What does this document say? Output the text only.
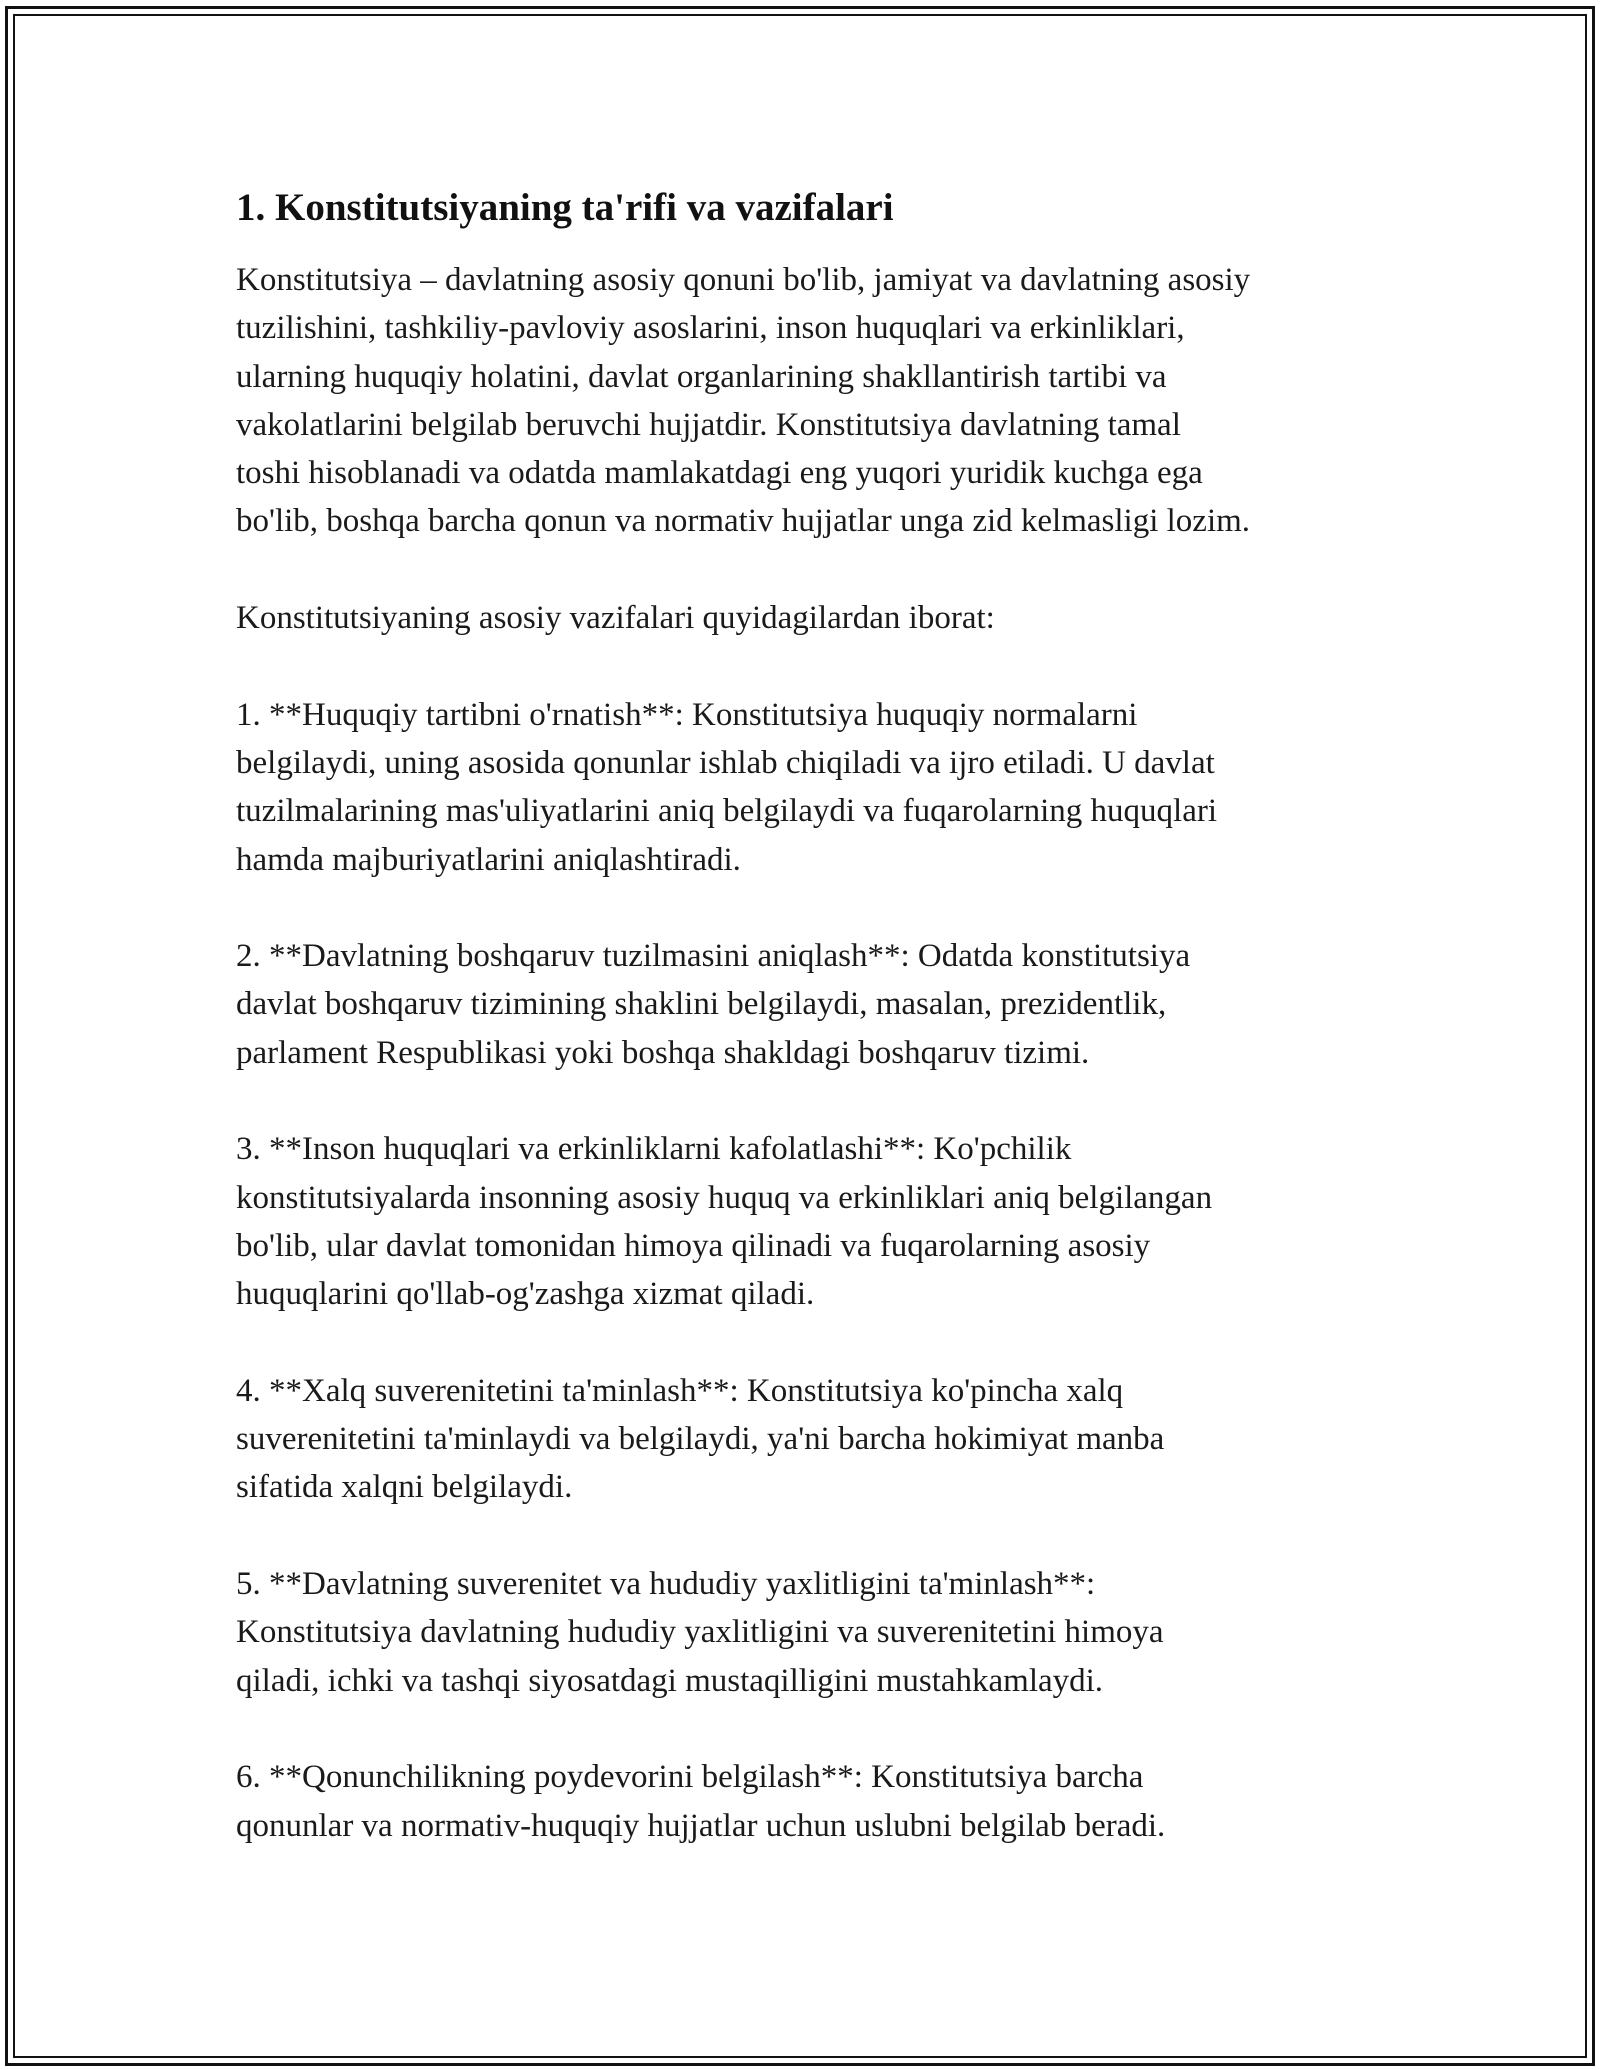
1. Konstitutsiyaning ta'rifi va vazifalari

Konstitutsiya – davlatning asosiy qonuni bo'lib, jamiyat va davlatning asosiy
tuzilishini, tashkiliy-pavloviy asoslarini, inson huquqlari va erkinliklari,
ularning huquqiy holatini, davlat organlarining shakllantirish tartibi va
vakolatlarini belgilab beruvchi hujjatdir. Konstitutsiya davlatning tamal
toshi hisoblanadi va odatda mamlakatdagi eng yuqori yuridik kuchga ega
bo'lib, boshqa barcha qonun va normativ hujjatlar unga zid kelmasligi lozim.

Konstitutsiyaning asosiy vazifalari quyidagilardan iborat:

1. **Huquqiy tartibni o'rnatish**: Konstitutsiya huquqiy normalarni
belgilaydi, uning asosida qonunlar ishlab chiqiladi va ijro etiladi. U davlat
tuzilmalarining mas'uliyatlarini aniq belgilaydi va fuqarolarning huquqlari
hamda majburiyatlarini aniqlashtiradi.

2. **Davlatning boshqaruv tuzilmasini aniqlash**: Odatda konstitutsiya
davlat boshqaruv tizimining shaklini belgilaydi, masalan, prezidentlik,
parlament Respublikasi yoki boshqa shakldagi boshqaruv tizimi.

3. **Inson huquqlari va erkinliklarni kafolatlashi**: Ko'pchilik
konstitutsiyalarda insonning asosiy huquq va erkinliklari aniq belgilangan
bo'lib, ular davlat tomonidan himoya qilinadi va fuqarolarning asosiy
huquqlarini qo'llab-og'zashga xizmat qiladi.

4. **Xalq suverenitetini ta'minlash**: Konstitutsiya ko'pincha xalq
suverenitetini ta'minlaydi va belgilaydi, ya'ni barcha hokimiyat manba
sifatida xalqni belgilaydi.

5. **Davlatning suverenitet va hududiy yaxlitligini ta'minlash**:
Konstitutsiya davlatning hududiy yaxlitligini va suverenitetini himoya
qiladi, ichki va tashqi siyosatdagi mustaqilligini mustahkamlaydi.

6. **Qonunchilikning poydevorini belgilash**: Konstitutsiya barcha
qonunlar va normativ-huquqiy hujjatlar uchun uslubni belgilab beradi.
